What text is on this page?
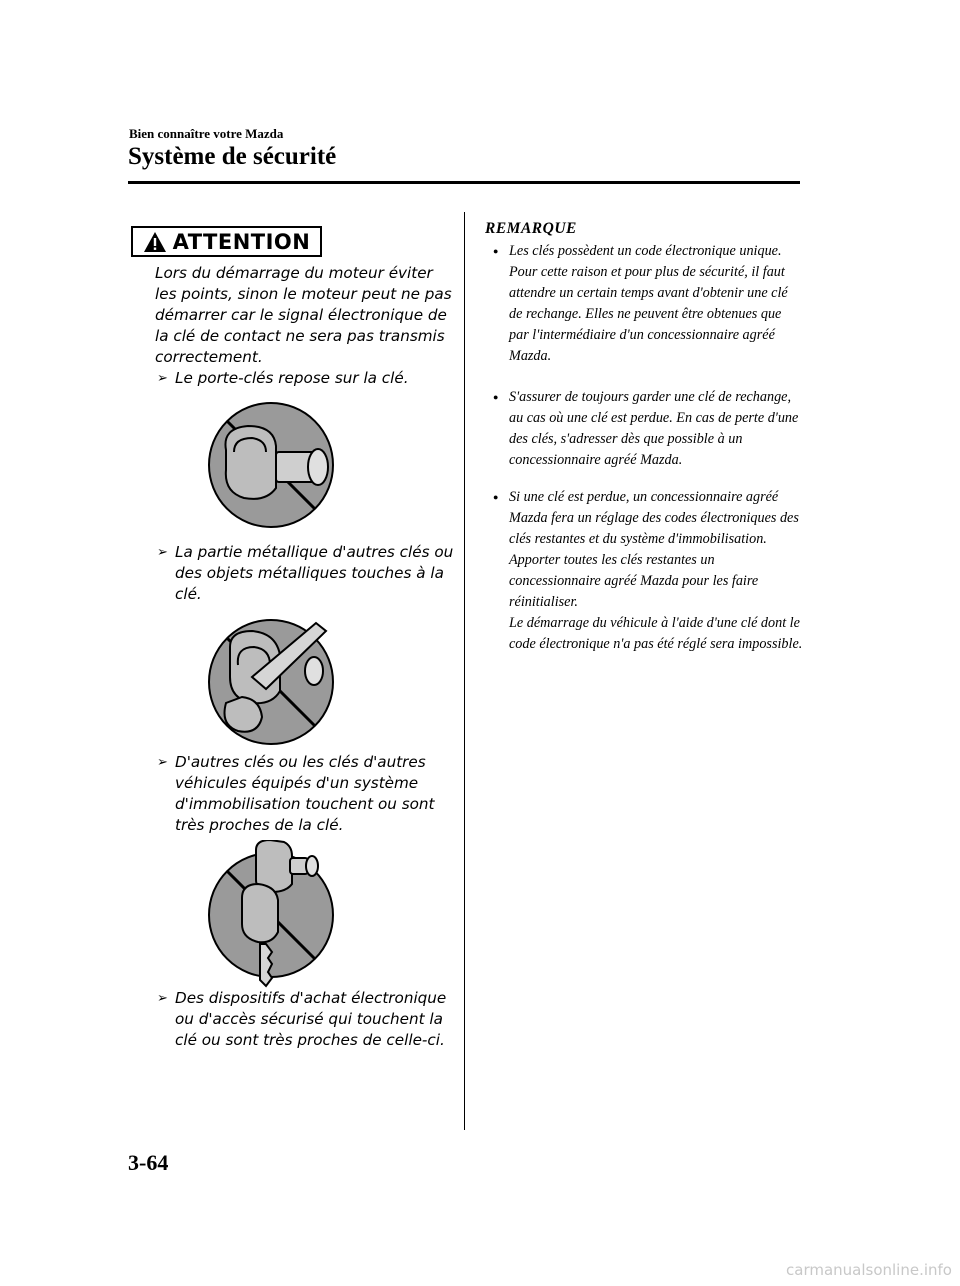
Bien connaître votre Mazda
Système de sécurité
ATTENTION
Lors du démarrage du moteur éviter les points, sinon le moteur peut ne pas démarrer car le signal électronique de la clé de contact ne sera pas transmis correctement.
➢ Le porte-clés repose sur la clé.
➢ La partie métallique d'autres clés ou des objets métalliques touches à la clé.
➢ D'autres clés ou les clés d'autres véhicules équipés d'un système d'immobilisation touchent ou sont très proches de la clé.
➢ Des dispositifs d'achat électronique ou d'accès sécurisé qui touchent la clé ou sont très proches de celle-ci.
REMARQUE
● Les clés possèdent un code électronique unique. Pour cette raison et pour plus de sécurité, il faut attendre un certain temps avant d'obtenir une clé de rechange. Elles ne peuvent être obtenues que par l'intermédiaire d'un concessionnaire agréé Mazda.
● S'assurer de toujours garder une clé de rechange, au cas où une clé est perdue. En cas de perte d'une des clés, s'adresser dès que possible à un concessionnaire agréé Mazda.
● Si une clé est perdue, un concessionnaire agréé Mazda fera un réglage des codes électroniques des clés restantes et du système d'immobilisation. Apporter toutes les clés restantes un concessionnaire agréé Mazda pour les faire réinitialiser.
Le démarrage du véhicule à l'aide d'une clé dont le code électronique n'a pas été réglé sera impossible.
3-64
carmanualsonline.info
